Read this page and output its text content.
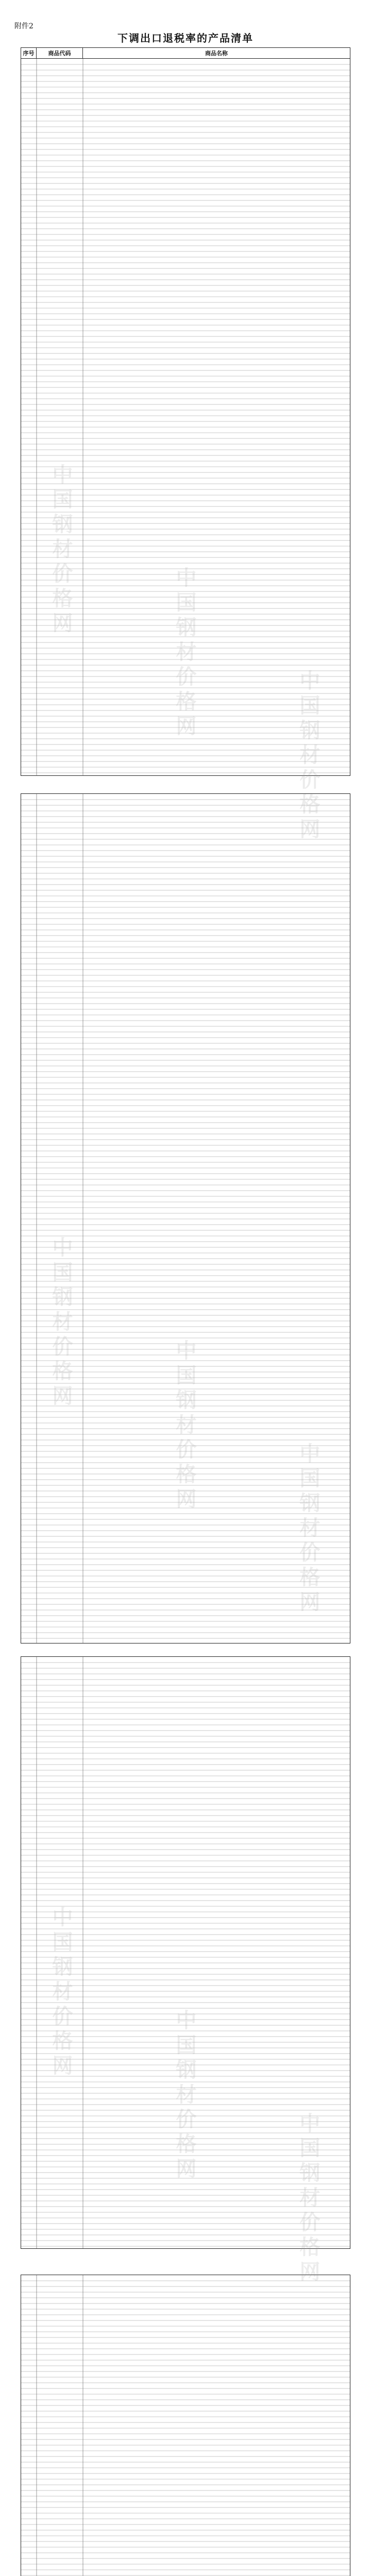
附件2
下调出口退税率的产品清单
序号	商品代码	商品名称
中国钢材价格网
中国钢材价格网
中国钢材价格网
中国钢材价格网
中国钢材价格网
中国钢材价格网
中国钢材价格网
中国钢材价格网
中国钢材价格网
